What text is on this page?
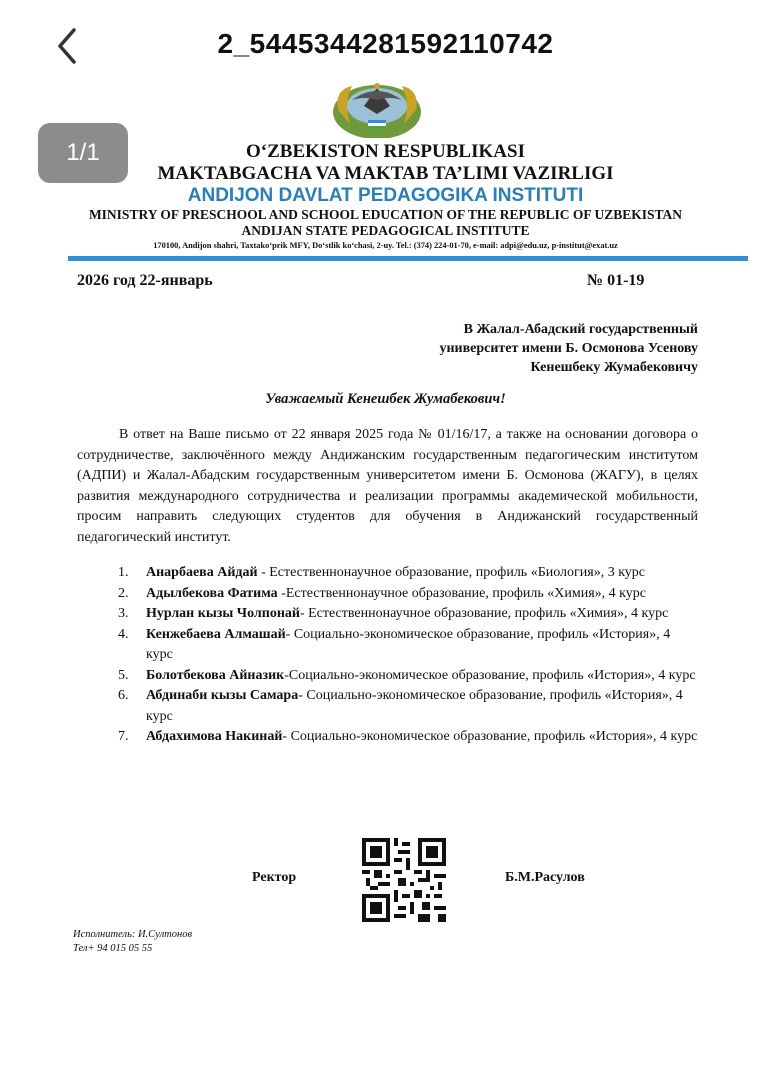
2_5445344281592110742
1/1	O‘ZBEKISTON RESPUBLIKASI
MAKTABGACHA VA MAKTAB TA’LIMI VAZIRLIGI
ANDIJON DAVLAT PEDAGOGIKA INSTITUTI
MINISTRY OF PRESCHOOL AND SCHOOL EDUCATION OF THE REPUBLIC OF UZBEKISTAN
ANDIJAN STATE PEDAGOGICAL INSTITUTE
170100, Andijon shahri, Taxtako‘prik MFY, Do‘stlik ko‘chasi, 2-uy. Tel.: (374) 224-01-70, e-mail: adpi@edu.uz, p-institut@exat.uz
2026 год 22-январь	№ 01-19
В Жалал-Абадский государственный
университет имени Б. Осмонова Усенову
Кенешбеку Жумабековичу
Уважаемый Кенешбек Жумабекович!
В ответ на Ваше письмо от 22 января 2025 года № 01/16/17, а также на основании договора о сотрудничестве, заключённого между Андижанским государственным педагогическим институтом (АДПИ) и Жалал-Абадским государственным университетом имени Б. Осмонова (ЖАГУ), в целях развития международного сотрудничества и реализации программы академической мобильности, просим направить следующих студентов для обучения в Андижанский государственный педагогический институт.
1. Анарбаева Айдай - Естественнонаучное образование, профиль «Биология», 3 курс
2. Адылбекова Фатима -Естественнонаучное образование, профиль «Химия», 4 курс
3. Нурлан кызы Чолпонай- Естественнонаучное образование, профиль «Химия», 4 курс
4. Кенжебаева Алмашай- Социально-экономическое образование, профиль «История», 4 курс
5. Болотбекова Айназик-Социально-экономическое образование, профиль «История», 4 курс
6. Абдинаби кызы Самара- Социально-экономическое образование, профиль «История», 4 курс
7. Абдахимова Накинай- Социально-экономическое образование, профиль «История», 4 курс
Ректор	Б.М.Расулов
Исполнитель: И.Султонов
Тел+ 94 015 05 55
